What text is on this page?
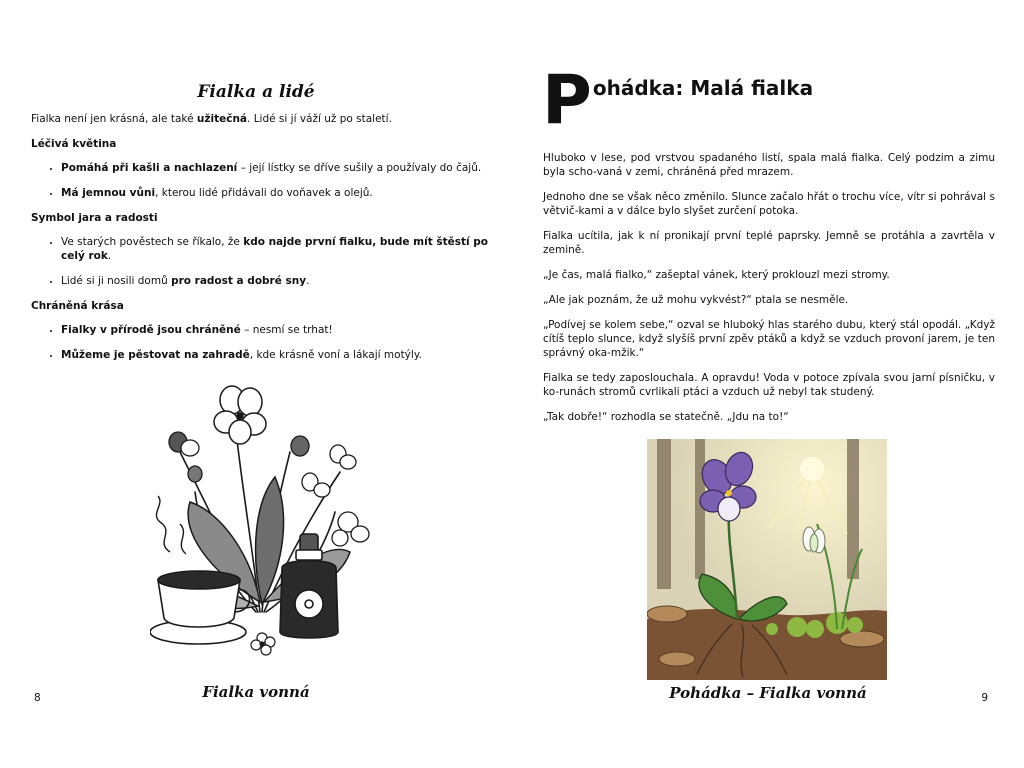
Fialka a lidé

Fialka není jen krásná, ale také užitečná. Lidé si jí váží už po staletí.

Léčivá květina

• Pomáhá při kašli a nachlazení – její lístky se dříve sušily a používaly do čajů.
• Má jemnou vůni, kterou lidé přidávali do voňavek a olejů.

Symbol jara a radosti

• Ve starých pověstech se říkalo, že kdo najde první fialku, bude mít štěstí po celý rok.
• Lidé si ji nosili domů pro radost a dobré sny.

Chráněná krása

• Fialky v přírodě jsou chráněné – nesmí se trhat!
• Můžeme je pěstovat na zahradě, kde krásně voní a lákají motýly.
Fialka vonná
8
P ohádka: Malá fialka

Hluboko v lese, pod vrstvou spadaného listí, spala malá fialka. Celý podzim a zimu byla scho-vaná v zemi, chráněná před mrazem.

Jednoho dne se však něco změnilo. Slunce začalo hřát o trochu více, vítr si pohrával s větvič-kami a v dálce bylo slyšet zurčení potoka.

Fialka ucítila, jak k ní pronikají první teplé paprsky. Jemně se protáhla a zavrtěla v zemině.

„Je čas, malá fialko,“ zašeptal vánek, který proklouzl mezi stromy.

„Ale jak poznám, že už mohu vykvést?“ ptala se nesměle.

„Podívej se kolem sebe,“ ozval se hluboký hlas starého dubu, který stál opodál. „Když cítíš teplo slunce, když slyšíš první zpěv ptáků a když se vzduch provoní jarem, je ten správný oka-mžik.“

Fialka se tedy zaposlouchala. A opravdu! Voda v potoce zpívala svou jarní písničku, v ko-runách stromů cvrlikali ptáci a vzduch už nebyl tak studený.

„Tak dobře!“ rozhodla se statečně. „Jdu na to!“

Pohádka – Fialka vonná	9
